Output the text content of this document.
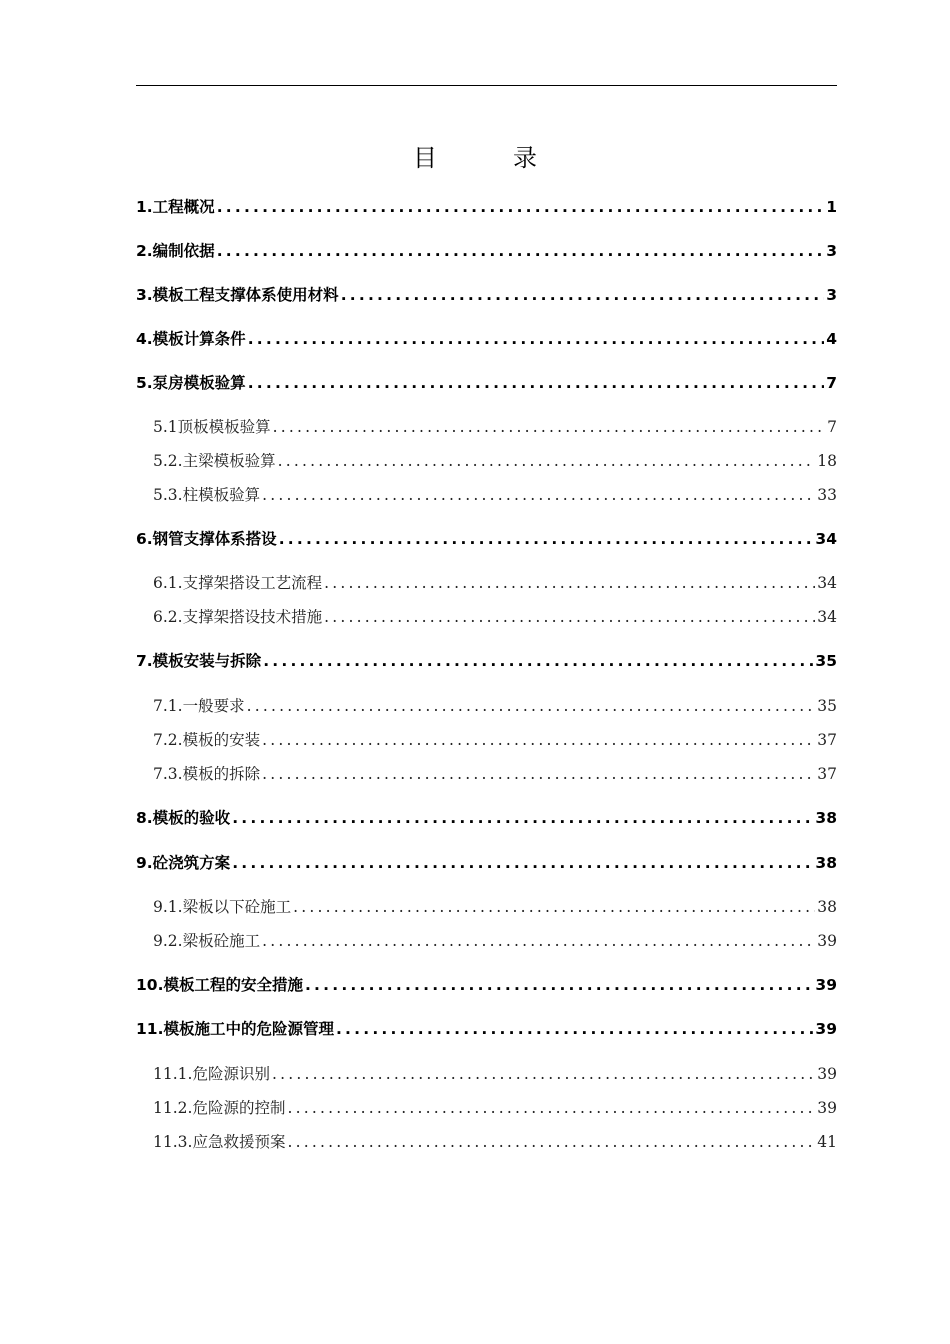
目　录
1.工程概况 .....	1
2.编制依据 .....	3
3.模板工程支撑体系使用材料 .....	3
4.模板计算条件 .....	4
5.泵房模板验算 .....	7
5.1顶板模板验算 .....	7
5.2.主梁模板验算 .....	18
5.3.柱模板验算 .....	33
6.钢管支撑体系搭设 .....	34
6.1.支撑架搭设工艺流程 .....	34
6.2.支撑架搭设技术措施 .....	34
7.模板安装与拆除 .....	35
7.1.一般要求 .....	35
7.2.模板的安装 .....	37
7.3.模板的拆除 .....	37
8.模板的验收 .....	38
9.砼浇筑方案 .....	38
9.1.梁板以下砼施工 .....	38
9.2.梁板砼施工 .....	39
10.模板工程的安全措施 .....	39
11.模板施工中的危险源管理 .....	39
11.1.危险源识别 .....	39
11.2.危险源的控制 .....	39
11.3.应急救援预案 .....	41
